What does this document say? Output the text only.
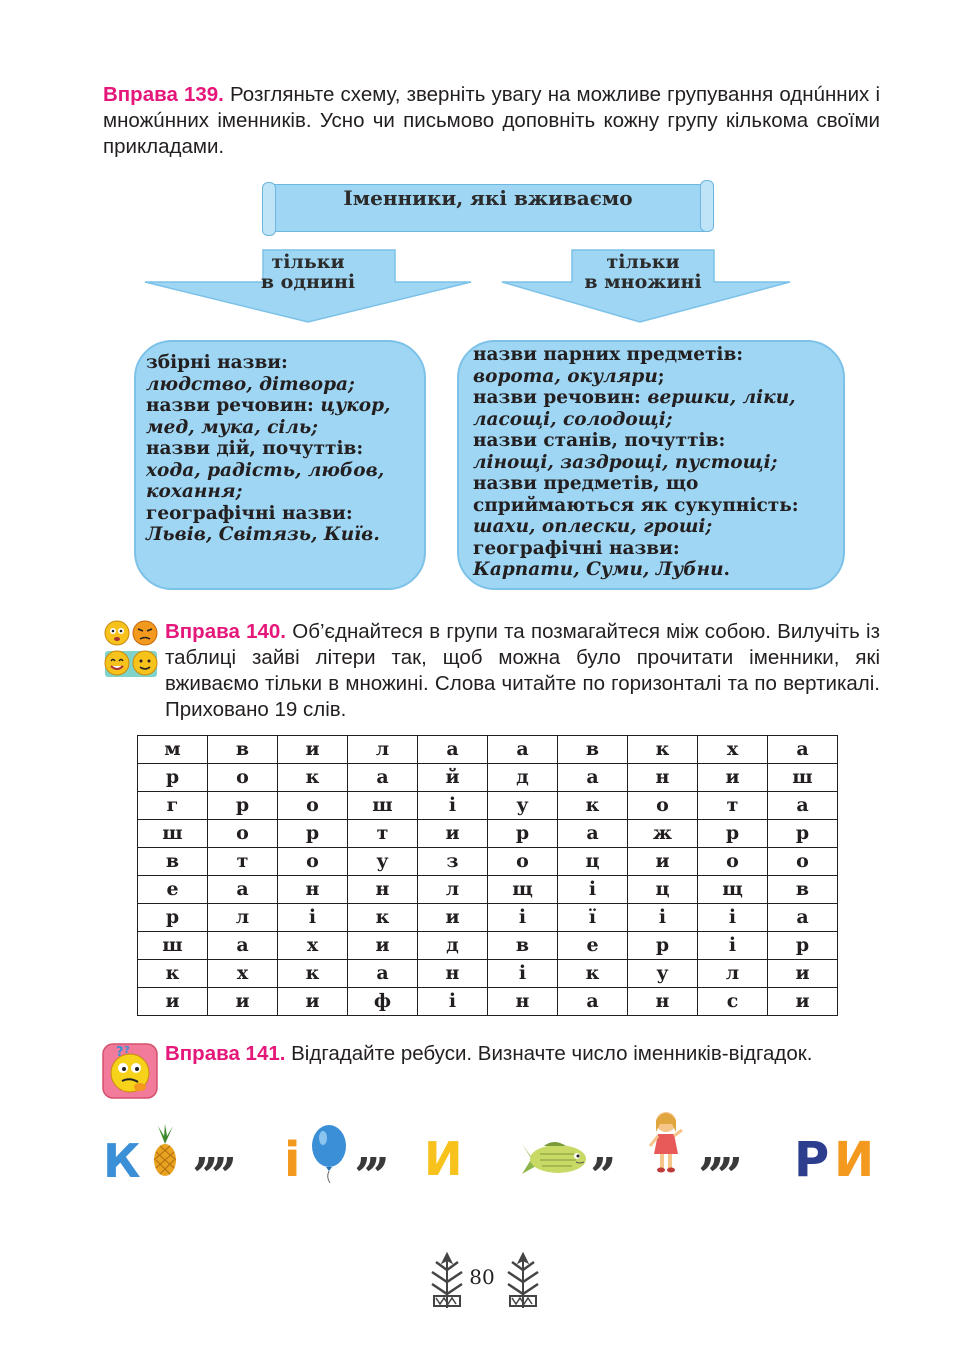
Вправа 139. Розгляньте схему, зверніть увагу на можливе групування однúнних і множúнних іменників. Усно чи письмово доповніть кожну групу кількома своїми прикладами.
Іменники, які вживаємо
тільки
в однині
тільки
в множині
збірні назви:
людство, дітвора;
назви речовин: цукор,
мед, мука, сіль;
назви дій, почуттів:
хода, радість, любов,
кохання;
географічні назви:
Львів, Світязь, Київ.
назви парних предметів:
ворота, окуляри;
назви речовин: вершки, ліки,
ласощі, солодощі;
назви станів, почуттів:
лінощі, заздрощі, пустощі;
назви предметів, що
сприймаються як сукупність:
шахи, оплески, гроші;
географічні назви:
Карпати, Суми, Лубни.
Вправа 140. Об’єднайтеся в групи та позмагайтеся між собою. Вилучіть із таблиці зайві літери так, щоб можна було прочитати іменники, які вживаємо тільки в множині. Слова читайте по горизонталі та по вертикалі. Приховано 19 слів.
м	в	и	л	а	а	в	к	х	а
р	о	к	а	й	д	а	н	и	ш
г	р	о	ш	і	у	к	о	т	а
ш	о	р	т	и	р	а	ж	р	р
в	т	о	у	з	о	ц	и	о	о
е	а	н	н	л	щ	і	ц	щ	в
р	л	і	к	и	і	ї	і	і	а
ш	а	х	и	д	в	е	р	і	р
к	х	к	а	н	і	к	у	л	и
и	и	и	ф	і	н	а	н	с	и
? ? Вправа 141. Відгадайте ребуси. Визначте число іменників-відгадок.
К ,,,, і ,,, И	,, ,,,, Р И
80
